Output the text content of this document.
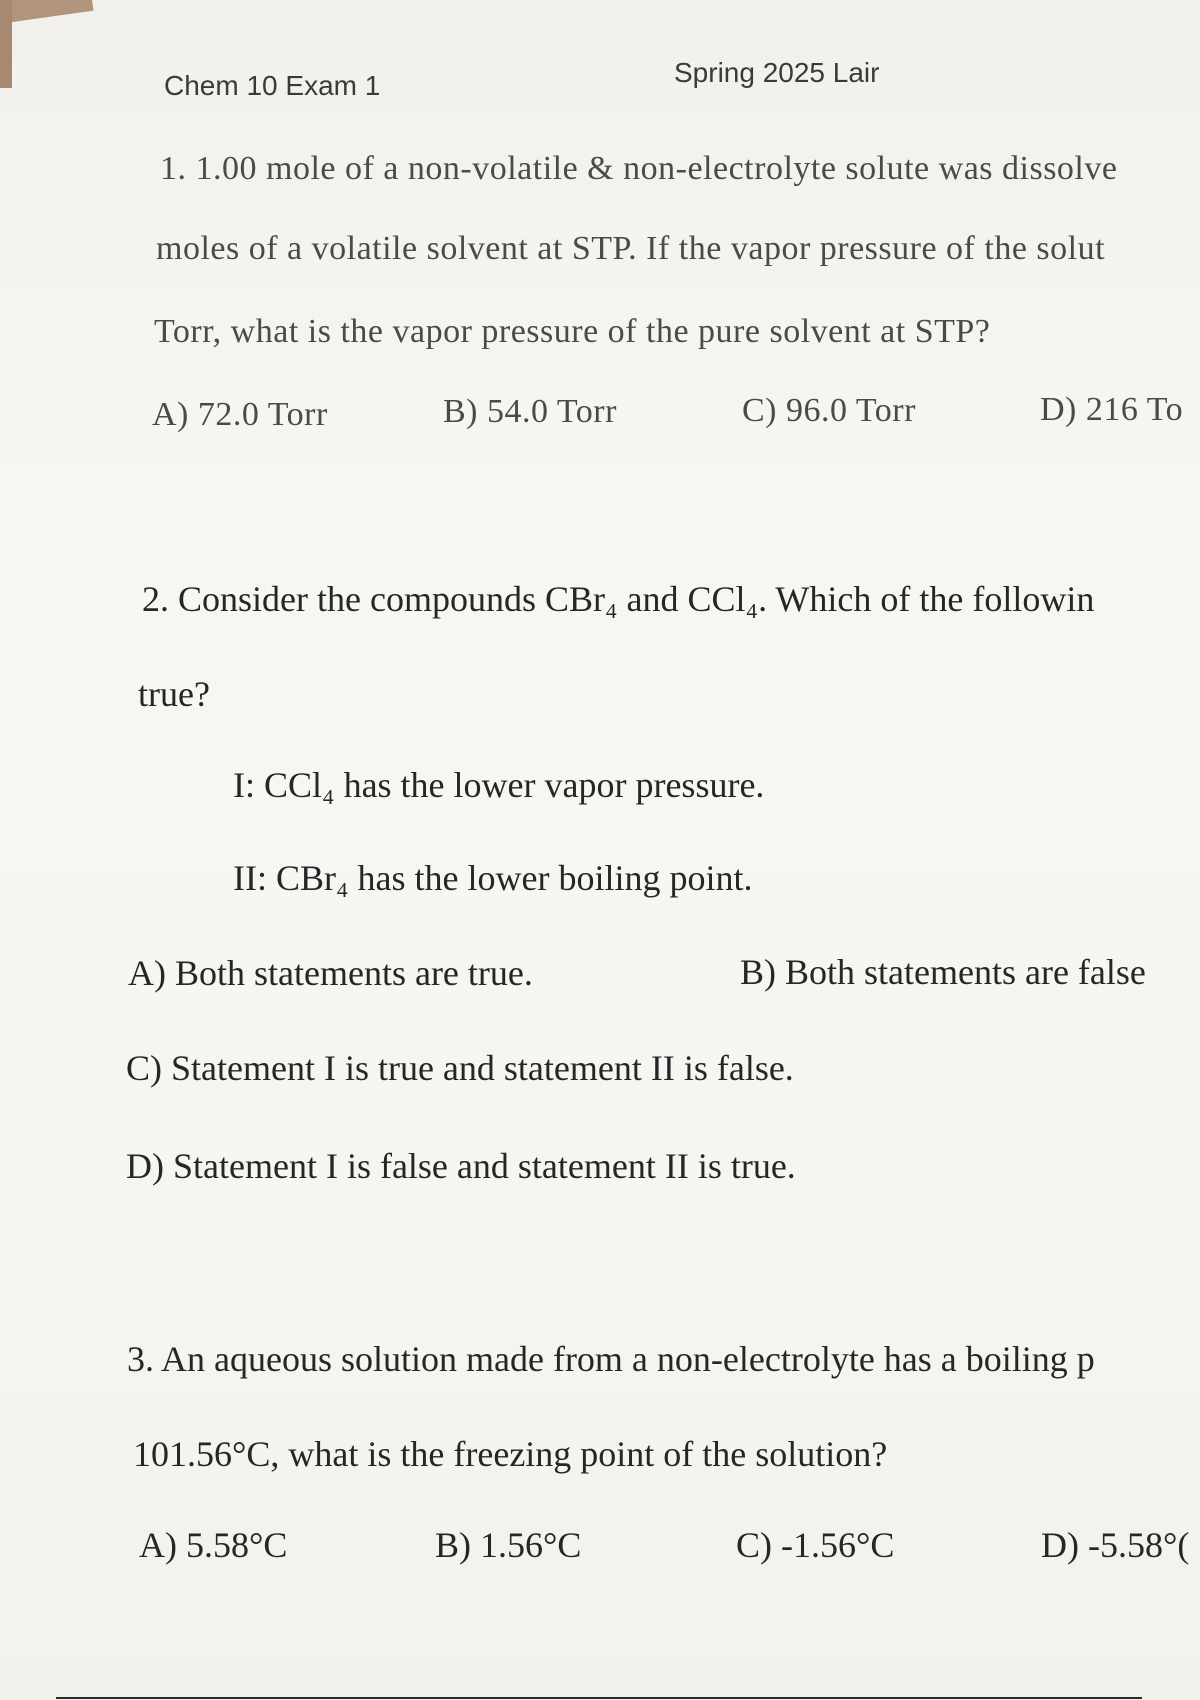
Chem 10 Exam 1	Spring 2025 Lair
1. 1.00 mole of a non-volatile & non-electrolyte solute was dissolve
moles of a volatile solvent at STP. If the vapor pressure of the solut
Torr, what is the vapor pressure of the pure solvent at STP?
A) 72.0 Torr	B) 54.0 Torr	C) 96.0 Torr	D) 216 To
2. Consider the compounds CBr₄ and CCl₄. Which of the followin
true?
I: CCl₄ has the lower vapor pressure.
II: CBr₄ has the lower boiling point.
A) Both statements are true.	B) Both statements are false
C) Statement I is true and statement II is false.
D) Statement I is false and statement II is true.
3. An aqueous solution made from a non-electrolyte has a boiling p
101.56°C, what is the freezing point of the solution?
A) 5.58°C	B) 1.56°C	C) -1.56°C	D) -5.58°(
